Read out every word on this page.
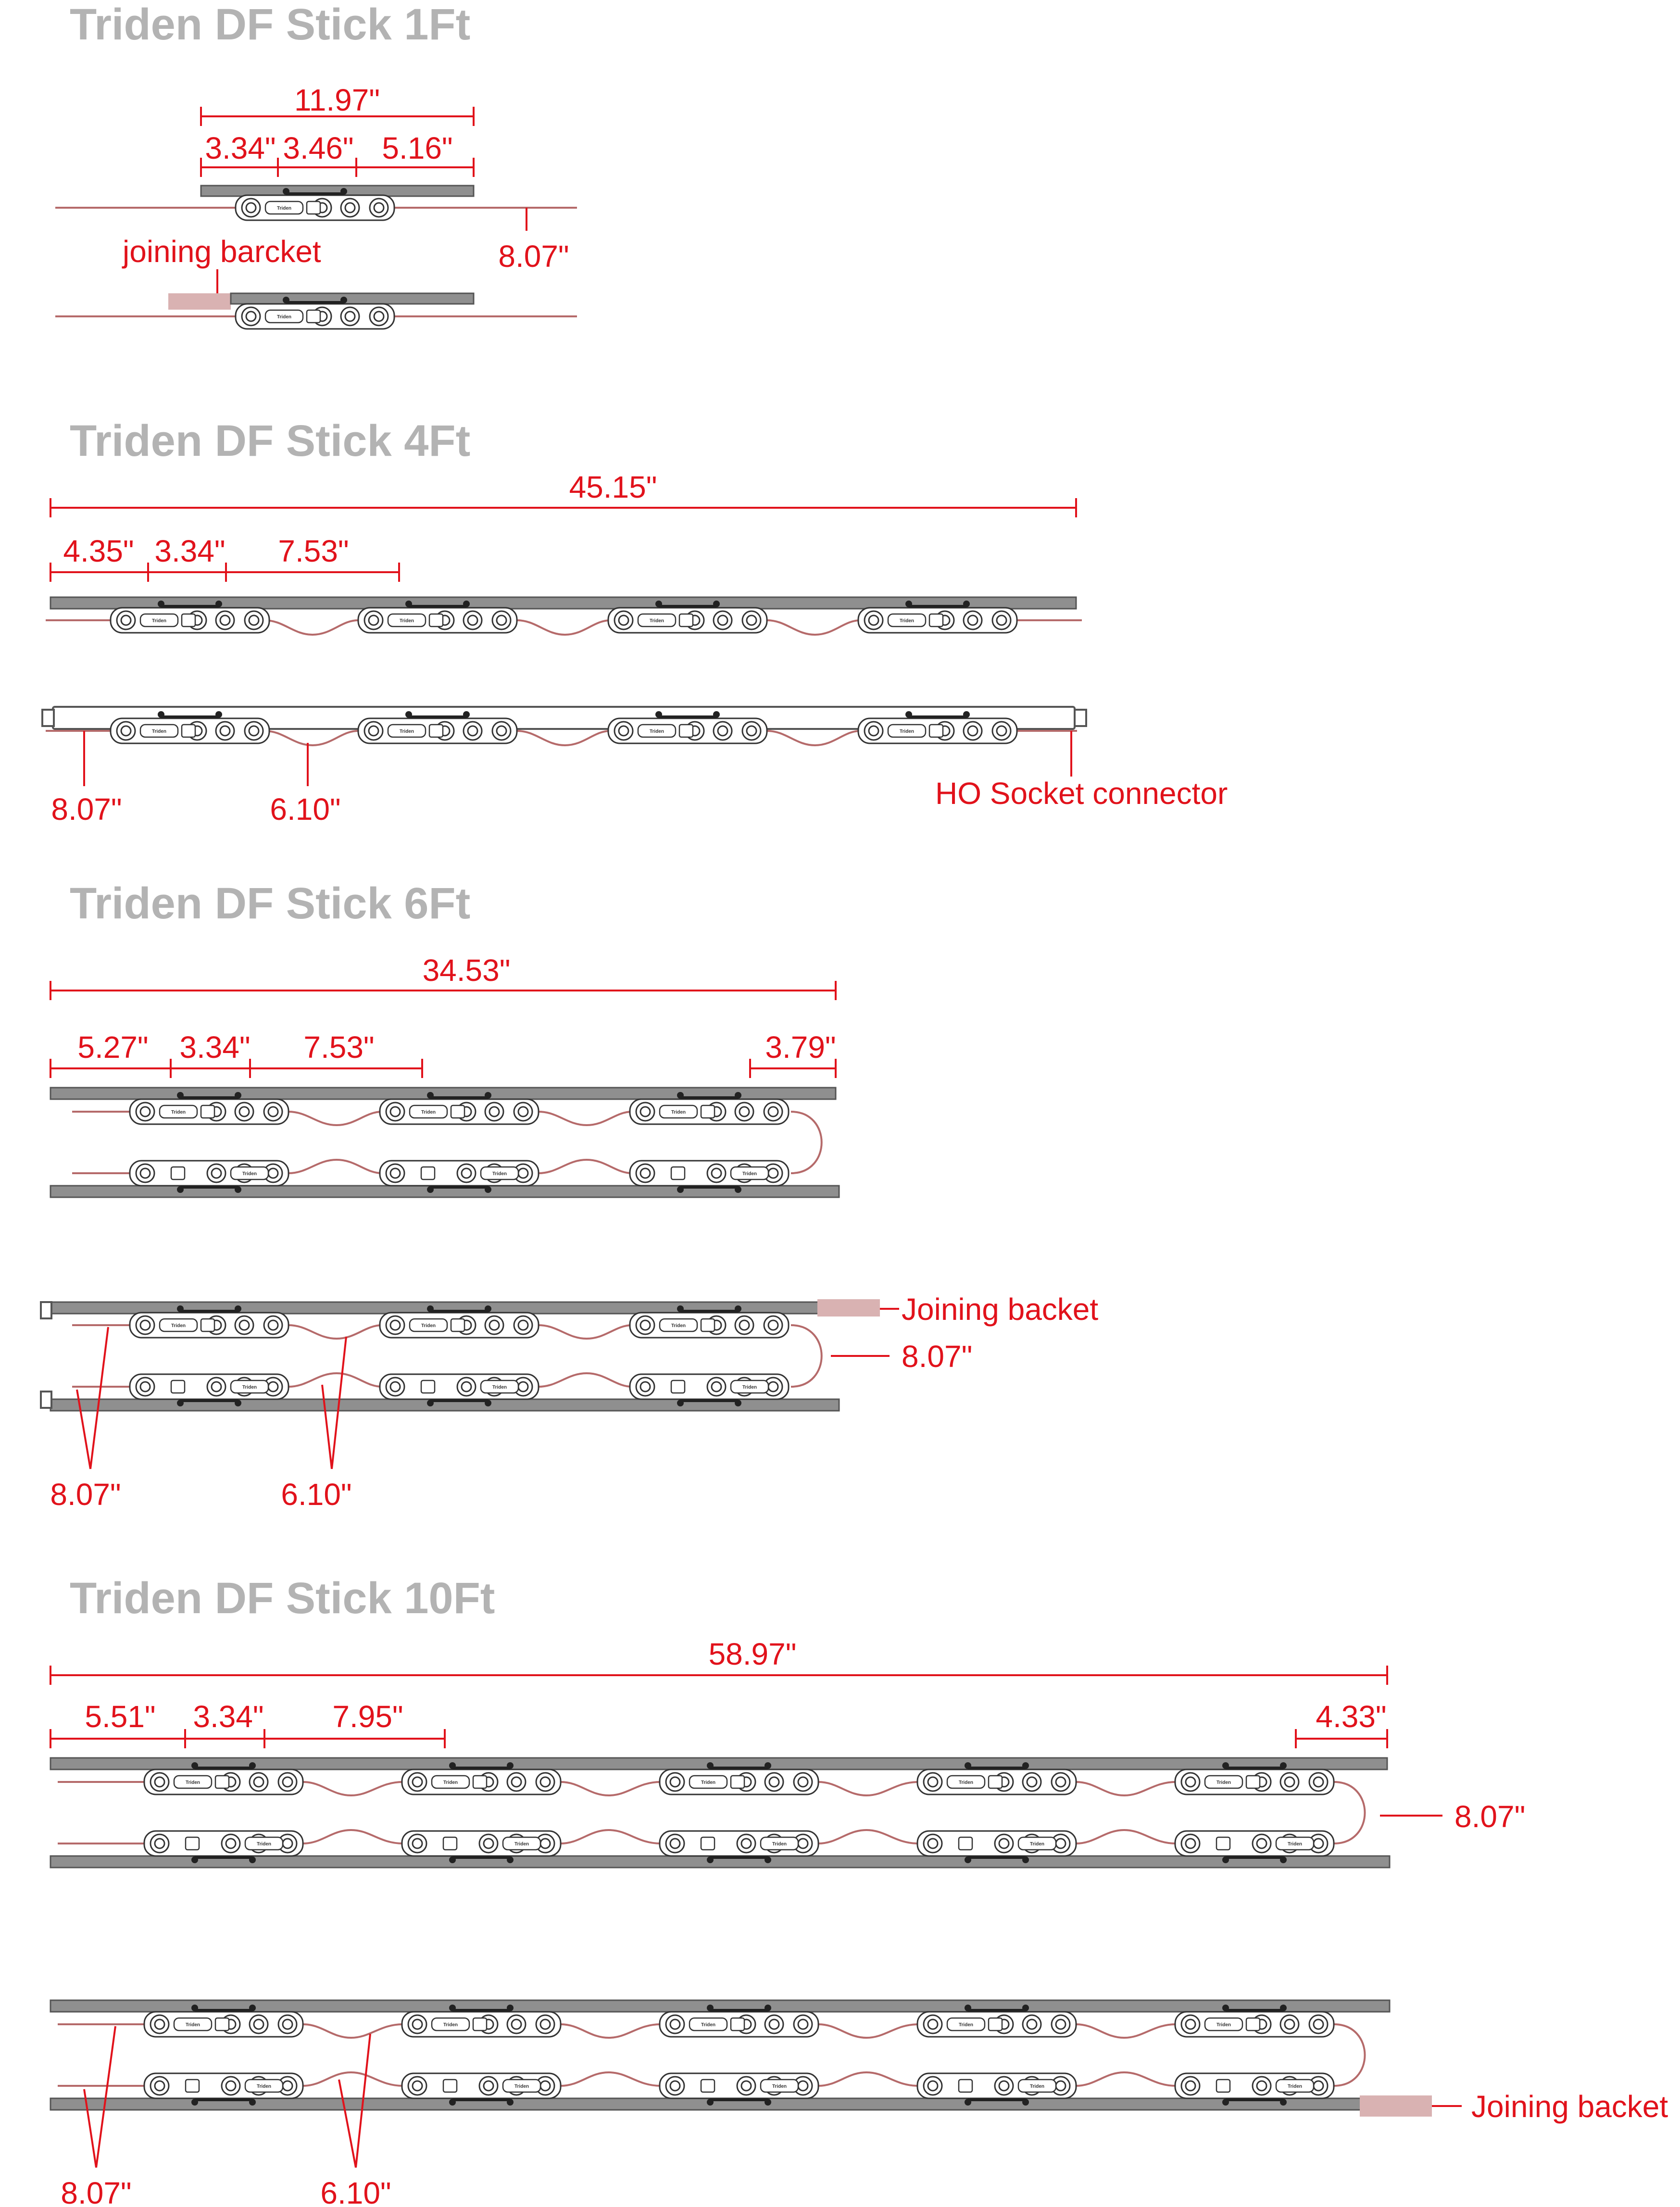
Triden DF Stick 1Ft
11.97"
3.34" 3.46" 5.16"
Triden
8.07"
joining barcket
Triden
Triden DF Stick 4Ft
45.15"
4.35" 3.34" 7.53"
Triden	Triden	Triden	Triden
Triden	Triden	Triden	Triden
8.07"	6.10"	HO Socket connector
Triden DF Stick 6Ft
34.53"
5.27" 3.34" 7.53"	3.79"
Triden	Triden	Triden
Triden	Triden	Triden
Joining backet
Triden	Triden	Triden
Triden	Triden	Triden
8.07"
8.07"	6.10"
Triden DF Stick 10Ft
58.97"
5.51" 3.34" 7.95"	4.33"
Triden	Triden	Triden	Triden	Triden
Triden	Triden	Triden	Triden	Triden
8.07"
Joining backet
Triden	Triden	Triden	Triden	Triden
Triden	Triden	Triden	Triden	Triden
8.07"	6.10"
